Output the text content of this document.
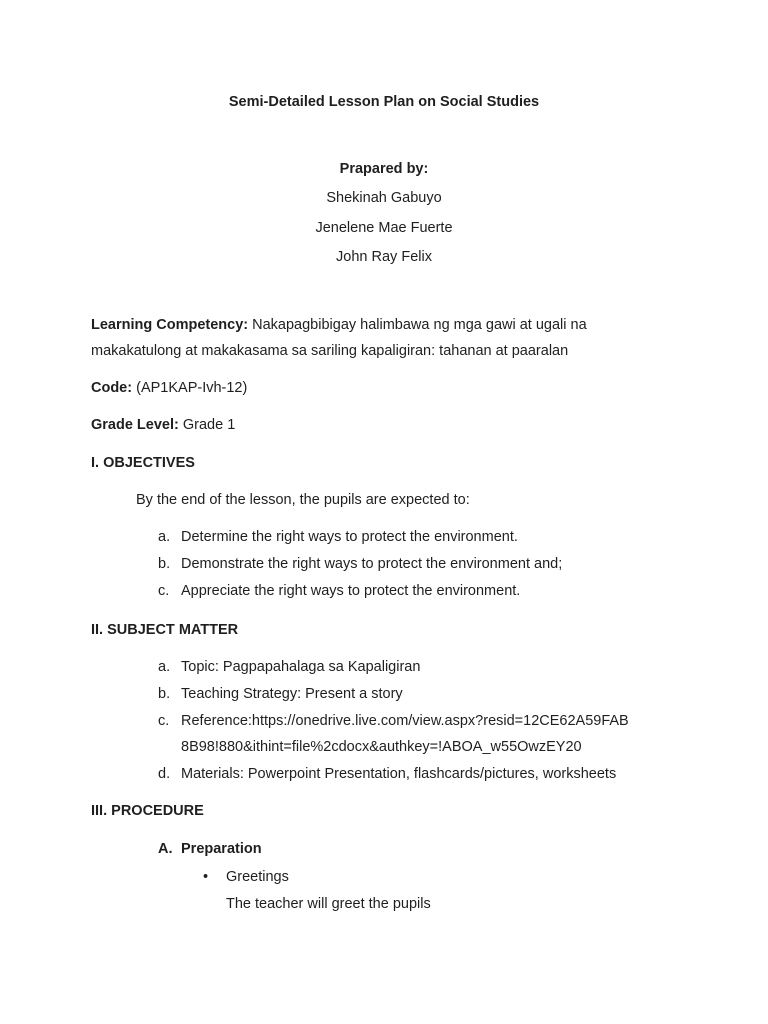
Semi-Detailed Lesson Plan on Social Studies
Prapared by:
Shekinah Gabuyo
Jenelene Mae Fuerte
John Ray Felix
Learning Competency: Nakapagbibigay halimbawa ng mga gawi at ugali na
makakatulong at makakasama sa sariling kapaligiran: tahanan at paaralan
Code: (AP1KAP-Ivh-12)
Grade Level: Grade 1
I. OBJECTIVES
By the end of the lesson, the pupils are expected to:
a. Determine the right ways to protect the environment.
b. Demonstrate the right ways to protect the environment and;
c. Appreciate the right ways to protect the environment.
II. SUBJECT MATTER
a. Topic: Pagpapahalaga sa Kapaligiran
b. Teaching Strategy: Present a story
c. Reference:https://onedrive.live.com/view.aspx?resid=12CE62A59FAB
8B98!880&ithint=file%2cdocx&authkey=!ABOA_w55OwzEY20
d. Materials: Powerpoint Presentation, flashcards/pictures, worksheets
III. PROCEDURE
A. Preparation
• Greetings
The teacher will greet the pupils
